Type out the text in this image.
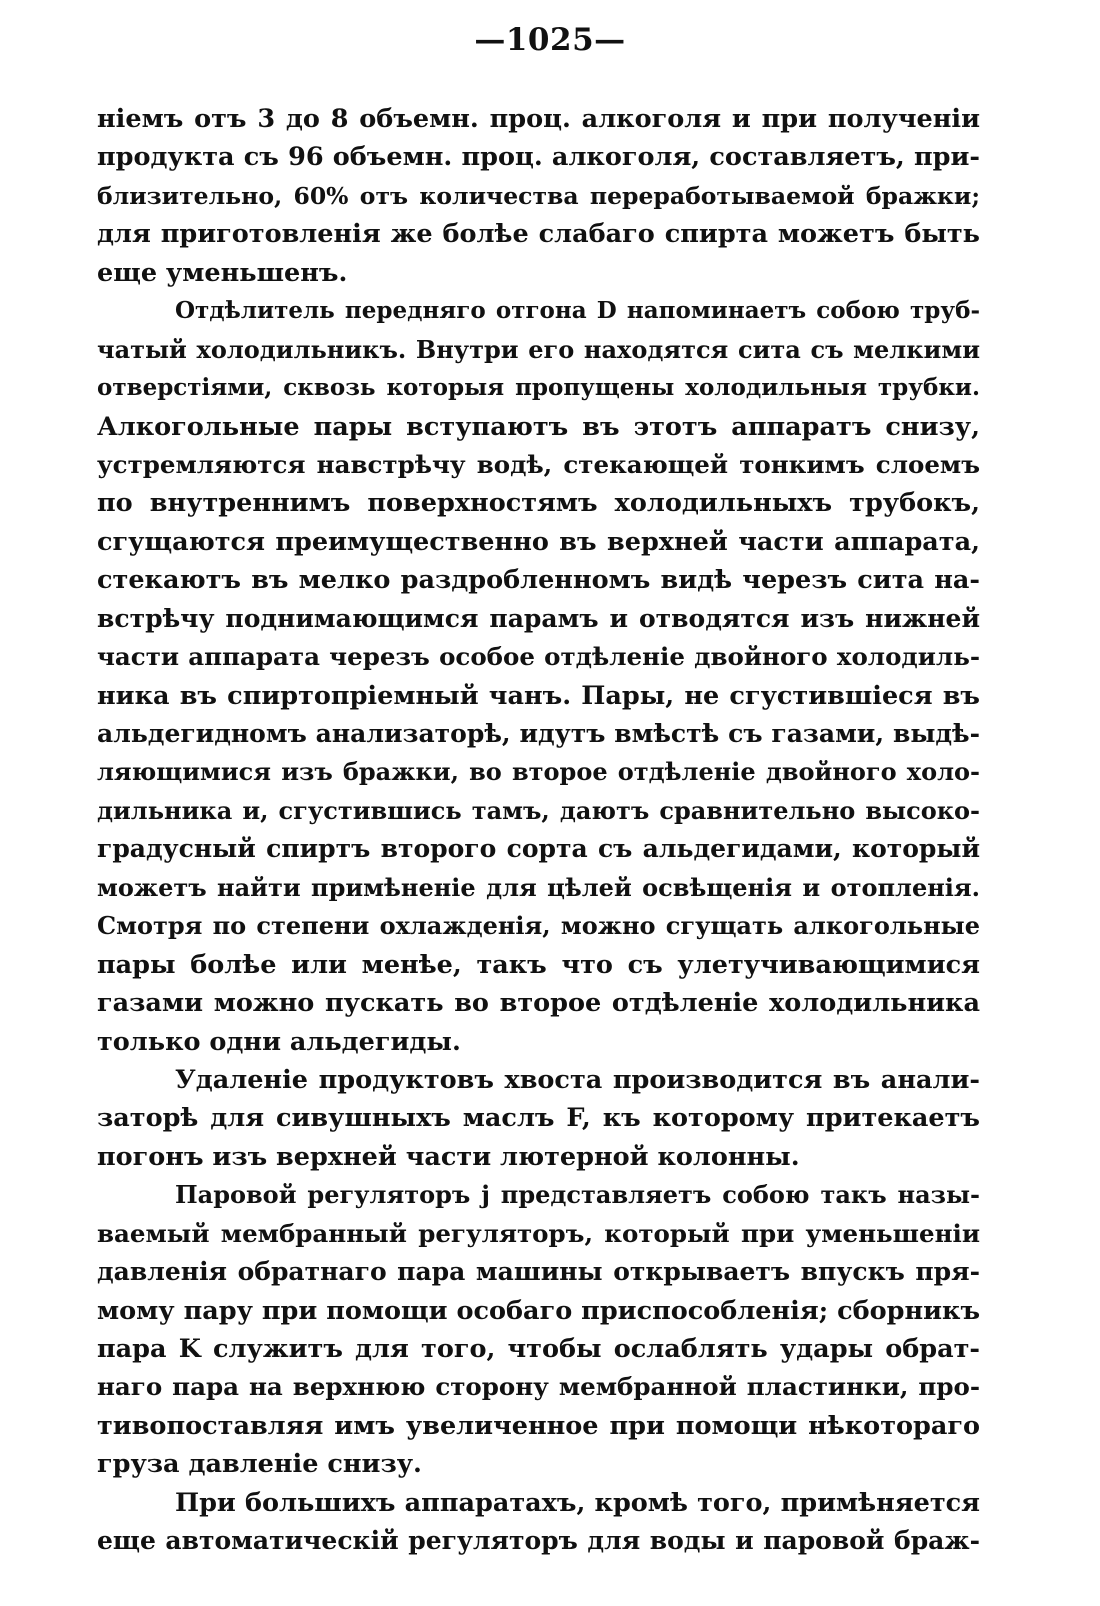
—1025—
ніемъ отъ 3 до 8 объемн. проц. алкоголя и при полученіи
продукта съ 96 объемн. проц. алкоголя, составляетъ, при-
близительно, 60% отъ количества переработываемой бражки;
для приготовленія же болѣе слабаго спирта можетъ быть
еще уменьшенъ.
Отдѣлитель передняго отгона D напоминаетъ собою труб-
чатый холодильникъ. Внутри его находятся сита съ мелкими
отверстіями, сквозь которыя пропущены холодильныя трубки.
Алкогольные пары вступаютъ въ этотъ аппаратъ снизу,
устремляются навстрѣчу водѣ, стекающей тонкимъ слоемъ
по внутреннимъ поверхностямъ холодильныхъ трубокъ,
сгущаются преимущественно въ верхней части аппарата,
стекаютъ въ мелко раздробленномъ видѣ черезъ сита на-
встрѣчу поднимающимся парамъ и отводятся изъ нижней
части аппарата черезъ особое отдѣленіе двойного холодиль-
ника въ спиртопріемный чанъ. Пары, не сгустившіеся въ
альдегидномъ анализаторѣ, идутъ вмѣстѣ съ газами, выдѣ-
ляющимися изъ бражки, во второе отдѣленіе двойного холо-
дильника и, сгустившись тамъ, даютъ сравнительно высоко-
градусный спиртъ второго сорта съ альдегидами, который
можетъ найти примѣненіе для цѣлей освѣщенія и отопленія.
Смотря по степени охлажденія, можно сгущать алкогольные
пары болѣе или менѣе, такъ что съ улетучивающимися
газами можно пускать во второе отдѣленіе холодильника
только одни альдегиды.
Удаленіе продуктовъ хвоста производится въ анали-
заторѣ для сивушныхъ маслъ F, къ которому притекаетъ
погонъ изъ верхней части лютерной колонны.
Паровой регуляторъ j представляетъ собою такъ назы-
ваемый мембранный регуляторъ, который при уменьшеніи
давленія обратнаго пара машины открываетъ впускъ пря-
мому пару при помощи особаго приспособленія; сборникъ
пара K служитъ для того, чтобы ослаблять удары обрат-
наго пара на верхнюю сторону мембранной пластинки, про-
тивопоставляя имъ увеличенное при помощи нѣкотораго
груза давленіе снизу.
При большихъ аппаратахъ, кромѣ того, примѣняется
еще автоматическій регуляторъ для воды и паровой браж-
